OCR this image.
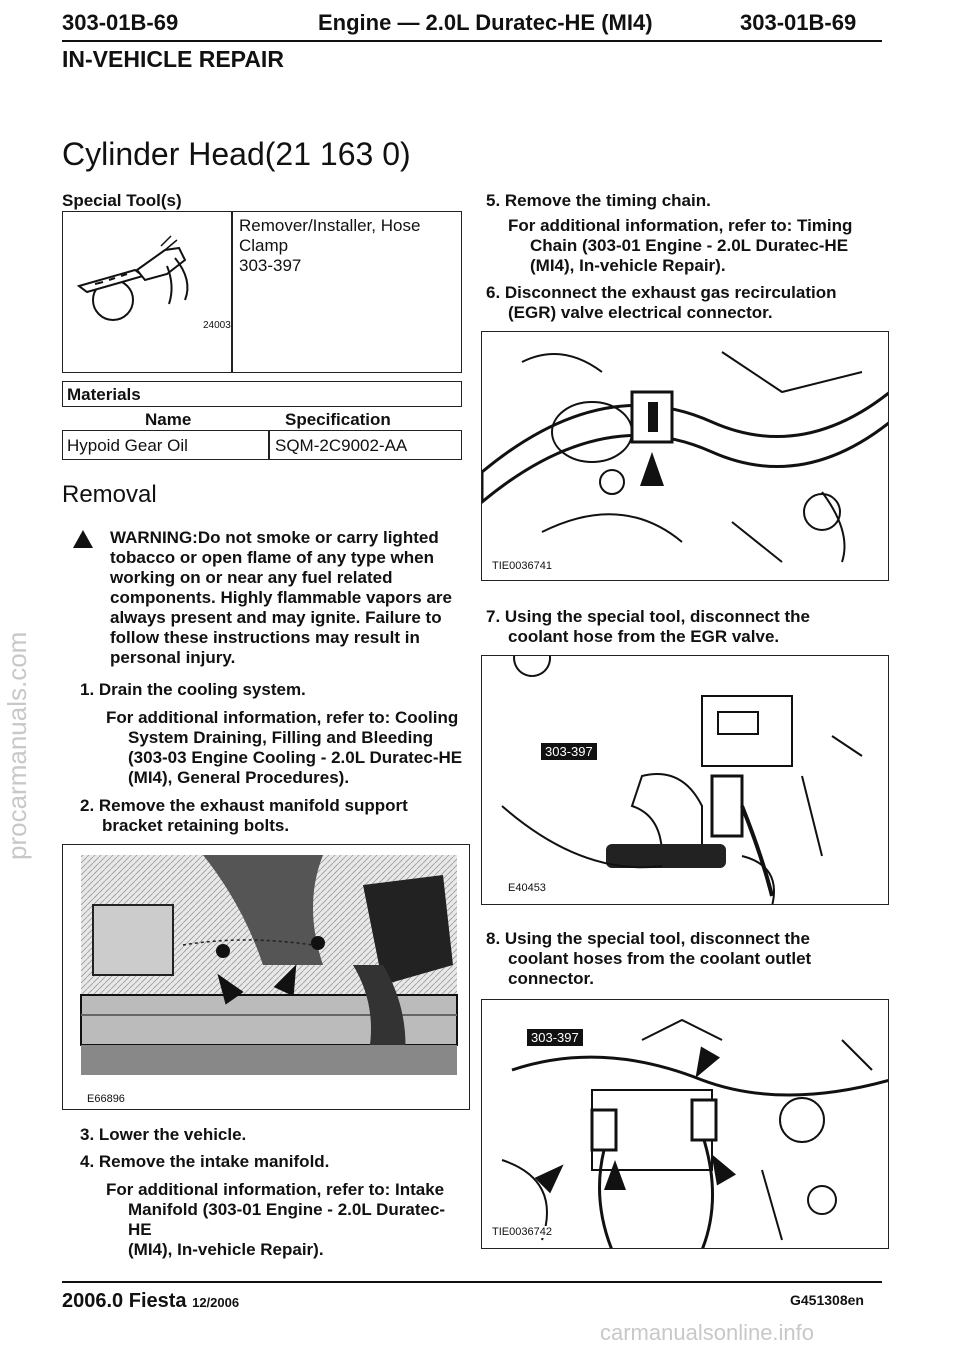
303-01B-69	Engine — 2.0L Duratec-HE (MI4)	303-01B-69
IN-VEHICLE REPAIR
Cylinder Head(21 163 0)
procarmanuals.com
Special Tool(s)
24003
Remover/Installer, Hose
Clamp
303-397
Materials
Name	Specification
Hypoid Gear Oil	SQM-2C9002-AA
Removal
WARNING:Do not smoke or carry lighted
tobacco or open flame of any type when
working on or near any fuel related
components. Highly flammable vapors are
always present and may ignite. Failure to
follow these instructions may result in
personal injury.
1. Drain the cooling system.
For additional information, refer to: Cooling
System Draining, Filling and Bleeding
(303-03 Engine Cooling - 2.0L Duratec-HE
(MI4), General Procedures).
2. Remove the exhaust manifold support
bracket retaining bolts.
E66896
3. Lower the vehicle.
4. Remove the intake manifold.
For additional information, refer to: Intake
Manifold (303-01 Engine - 2.0L Duratec-HE
(MI4), In-vehicle Repair).
5. Remove the timing chain.
For additional information, refer to: Timing
Chain (303-01 Engine - 2.0L Duratec-HE
(MI4), In-vehicle Repair).
6. Disconnect the exhaust gas recirculation
(EGR) valve electrical connector.
TIE0036741
7. Using the special tool, disconnect the
coolant hose from the EGR valve.
303-397
E40453
8. Using the special tool, disconnect the
coolant hoses from the coolant outlet
connector.
303-397
TIE0036742
2006.0 Fiesta 12/2006	G451308en
carmanualsonline.info
